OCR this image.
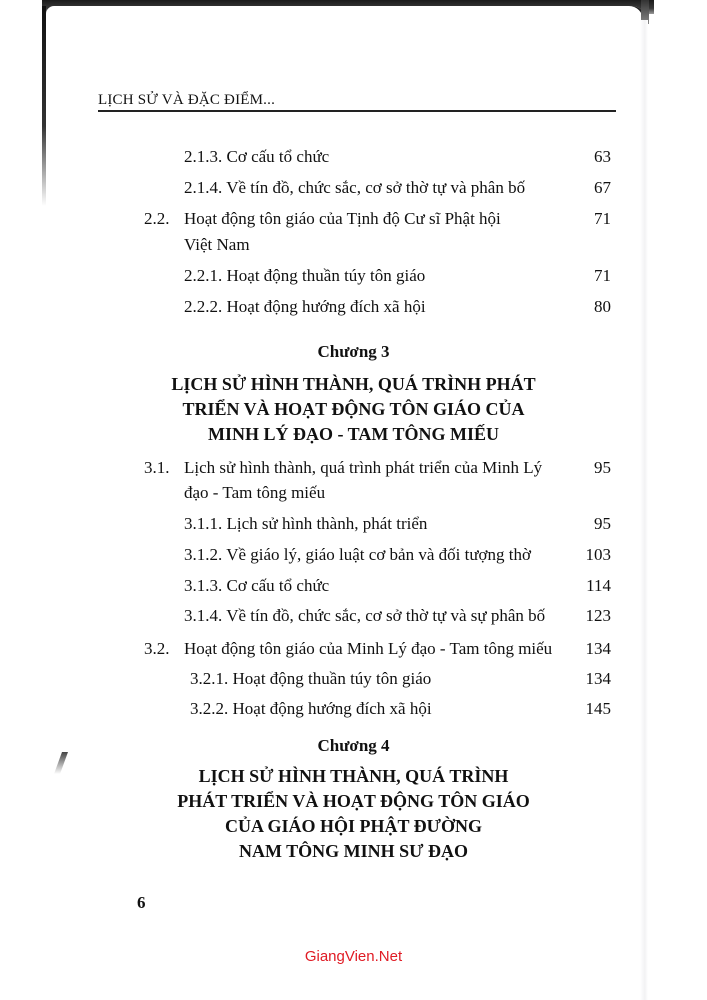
LỊCH SỬ VÀ ĐẶC ĐIỂM...
2.1.3. Cơ cấu tổ chức	63
2.1.4. Về tín đồ, chức sắc, cơ sở thờ tự và phân bố	67
2.2. Hoạt động tôn giáo của Tịnh độ Cư sĩ Phật hội	71
Việt Nam
2.2.1. Hoạt động thuần túy tôn giáo	71
2.2.2. Hoạt động hướng đích xã hội	80
Chương 3
LỊCH SỬ HÌNH THÀNH, QUÁ TRÌNH PHÁT
TRIỂN VÀ HOẠT ĐỘNG TÔN GIÁO CỦA
MINH LÝ ĐẠO - TAM TÔNG MIẾU
3.1. Lịch sử hình thành, quá trình phát triển của Minh Lý	95
đạo - Tam tông miếu
3.1.1. Lịch sử hình thành, phát triển	95
3.1.2. Về giáo lý, giáo luật cơ bản và đối tượng thờ	103
3.1.3. Cơ cấu tổ chức	114
3.1.4. Về tín đồ, chức sắc, cơ sở thờ tự và sự phân bố	123
3.2. Hoạt động tôn giáo của Minh Lý đạo - Tam tông miếu	134
3.2.1. Hoạt động thuần túy tôn giáo	134
3.2.2. Hoạt động hướng đích xã hội	145
Chương 4
LỊCH SỬ HÌNH THÀNH, QUÁ TRÌNH
PHÁT TRIỂN VÀ HOẠT ĐỘNG TÔN GIÁO
CỦA GIÁO HỘI PHẬT ĐƯỜNG
NAM TÔNG MINH SƯ ĐẠO
6
GiangVien.Net
